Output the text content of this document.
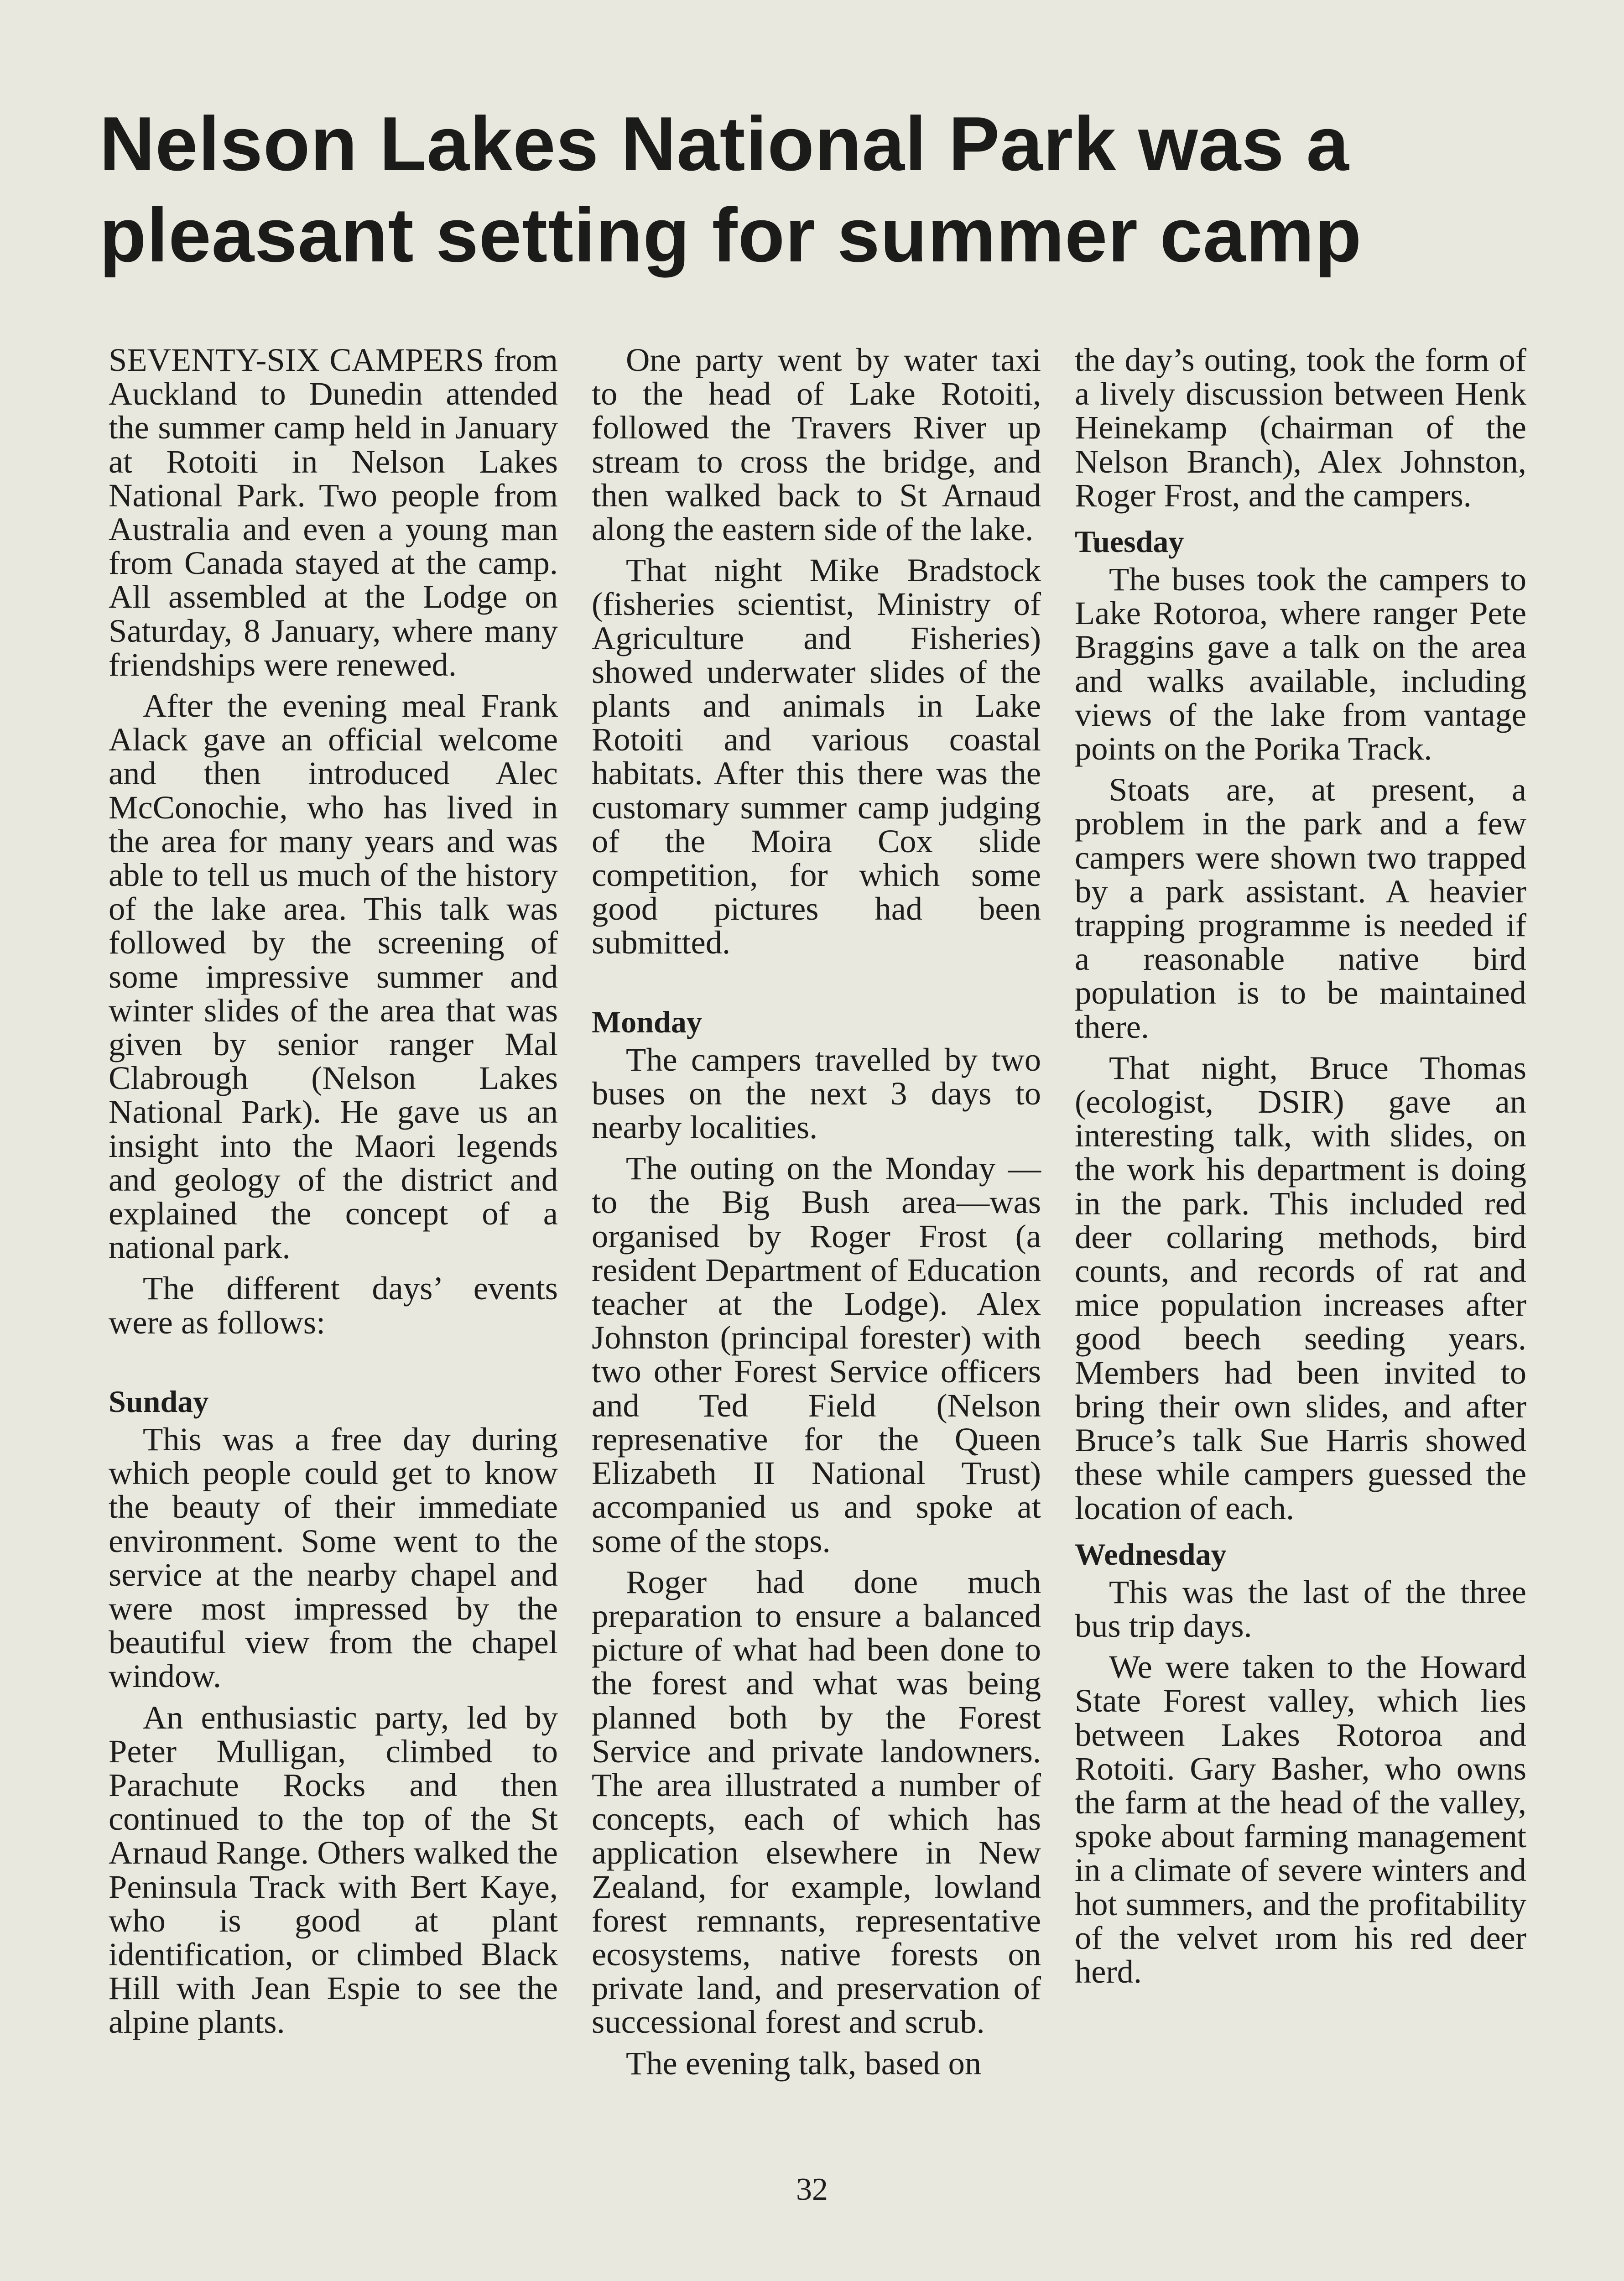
Nelson Lakes National Park was a pleasant setting for summer camp

SEVENTY-SIX CAMPERS from Auckland to Dunedin attended the summer camp held in January at Rotoiti in Nelson Lakes National Park. Two people from Australia and even a young man from Canada stayed at the camp. All assembled at the Lodge on Saturday, 8 January, where many friendships were renewed.

After the evening meal Frank Alack gave an official welcome and then introduced Alec McConochie, who has lived in the area for many years and was able to tell us much of the history of the lake area. This talk was followed by the screening of some impressive summer and winter slides of the area that was given by senior ranger Mal Clabrough (Nelson Lakes National Park). He gave us an insight into the Maori legends and geology of the district and explained the concept of a national park.

The different days’ events were as follows:

Sunday

This was a free day during which people could get to know the beauty of their immediate environment. Some went to the service at the nearby chapel and were most impressed by the beautiful view from the chapel window.

An enthusiastic party, led by Peter Mulligan, climbed to Parachute Rocks and then continued to the top of the St Arnaud Range. Others walked the Peninsula Track with Bert Kaye, who is good at plant identification, or climbed Black Hill with Jean Espie to see the alpine plants.

One party went by water taxi to the head of Lake Rotoiti, followed the Travers River up stream to cross the bridge, and then walked back to St Arnaud along the eastern side of the lake.

That night Mike Bradstock (fisheries scientist, Ministry of Agriculture and Fisheries) showed underwater slides of the plants and animals in Lake Rotoiti and various coastal habitats. After this there was the customary summer camp judging of the Moira Cox slide competition, for which some good pictures had been submitted.

Monday

The campers travelled by two buses on the next 3 days to nearby localities.

The outing on the Monday — to the Big Bush area—was organised by Roger Frost (a resident Department of Education teacher at the Lodge). Alex Johnston (principal forester) with two other Forest Service officers and Ted Field (Nelson represenative for the Queen Elizabeth II National Trust) accompanied us and spoke at some of the stops.

Roger had done much preparation to ensure a balanced picture of what had been done to the forest and what was being planned both by the Forest Service and private landowners. The area illustrated a number of concepts, each of which has application elsewhere in New Zealand, for example, lowland forest remnants, representative ecosystems, native forests on private land, and preservation of successional forest and scrub.

The evening talk, based on

the day’s outing, took the form of a lively discussion between Henk Heinekamp (chairman of the Nelson Branch), Alex Johnston, Roger Frost, and the campers.

Tuesday

The buses took the campers to Lake Rotoroa, where ranger Pete Braggins gave a talk on the area and walks available, including views of the lake from vantage points on the Porika Track.

Stoats are, at present, a problem in the park and a few campers were shown two trapped by a park assistant. A heavier trapping programme is needed if a reasonable native bird population is to be maintained there.

That night, Bruce Thomas (ecologist, DSIR) gave an interesting talk, with slides, on the work his department is doing in the park. This included red deer collaring methods, bird counts, and records of rat and mice population increases after good beech seeding years. Members had been invited to bring their own slides, and after Bruce’s talk Sue Harris showed these while campers guessed the location of each.

Wednesday

This was the last of the three bus trip days.

We were taken to the Howard State Forest valley, which lies between Lakes Rotoroa and Rotoiti. Gary Basher, who owns the farm at the head of the valley, spoke about farming management in a climate of severe winters and hot summers, and the profitability of the velvet ırom his red deer herd.

32
